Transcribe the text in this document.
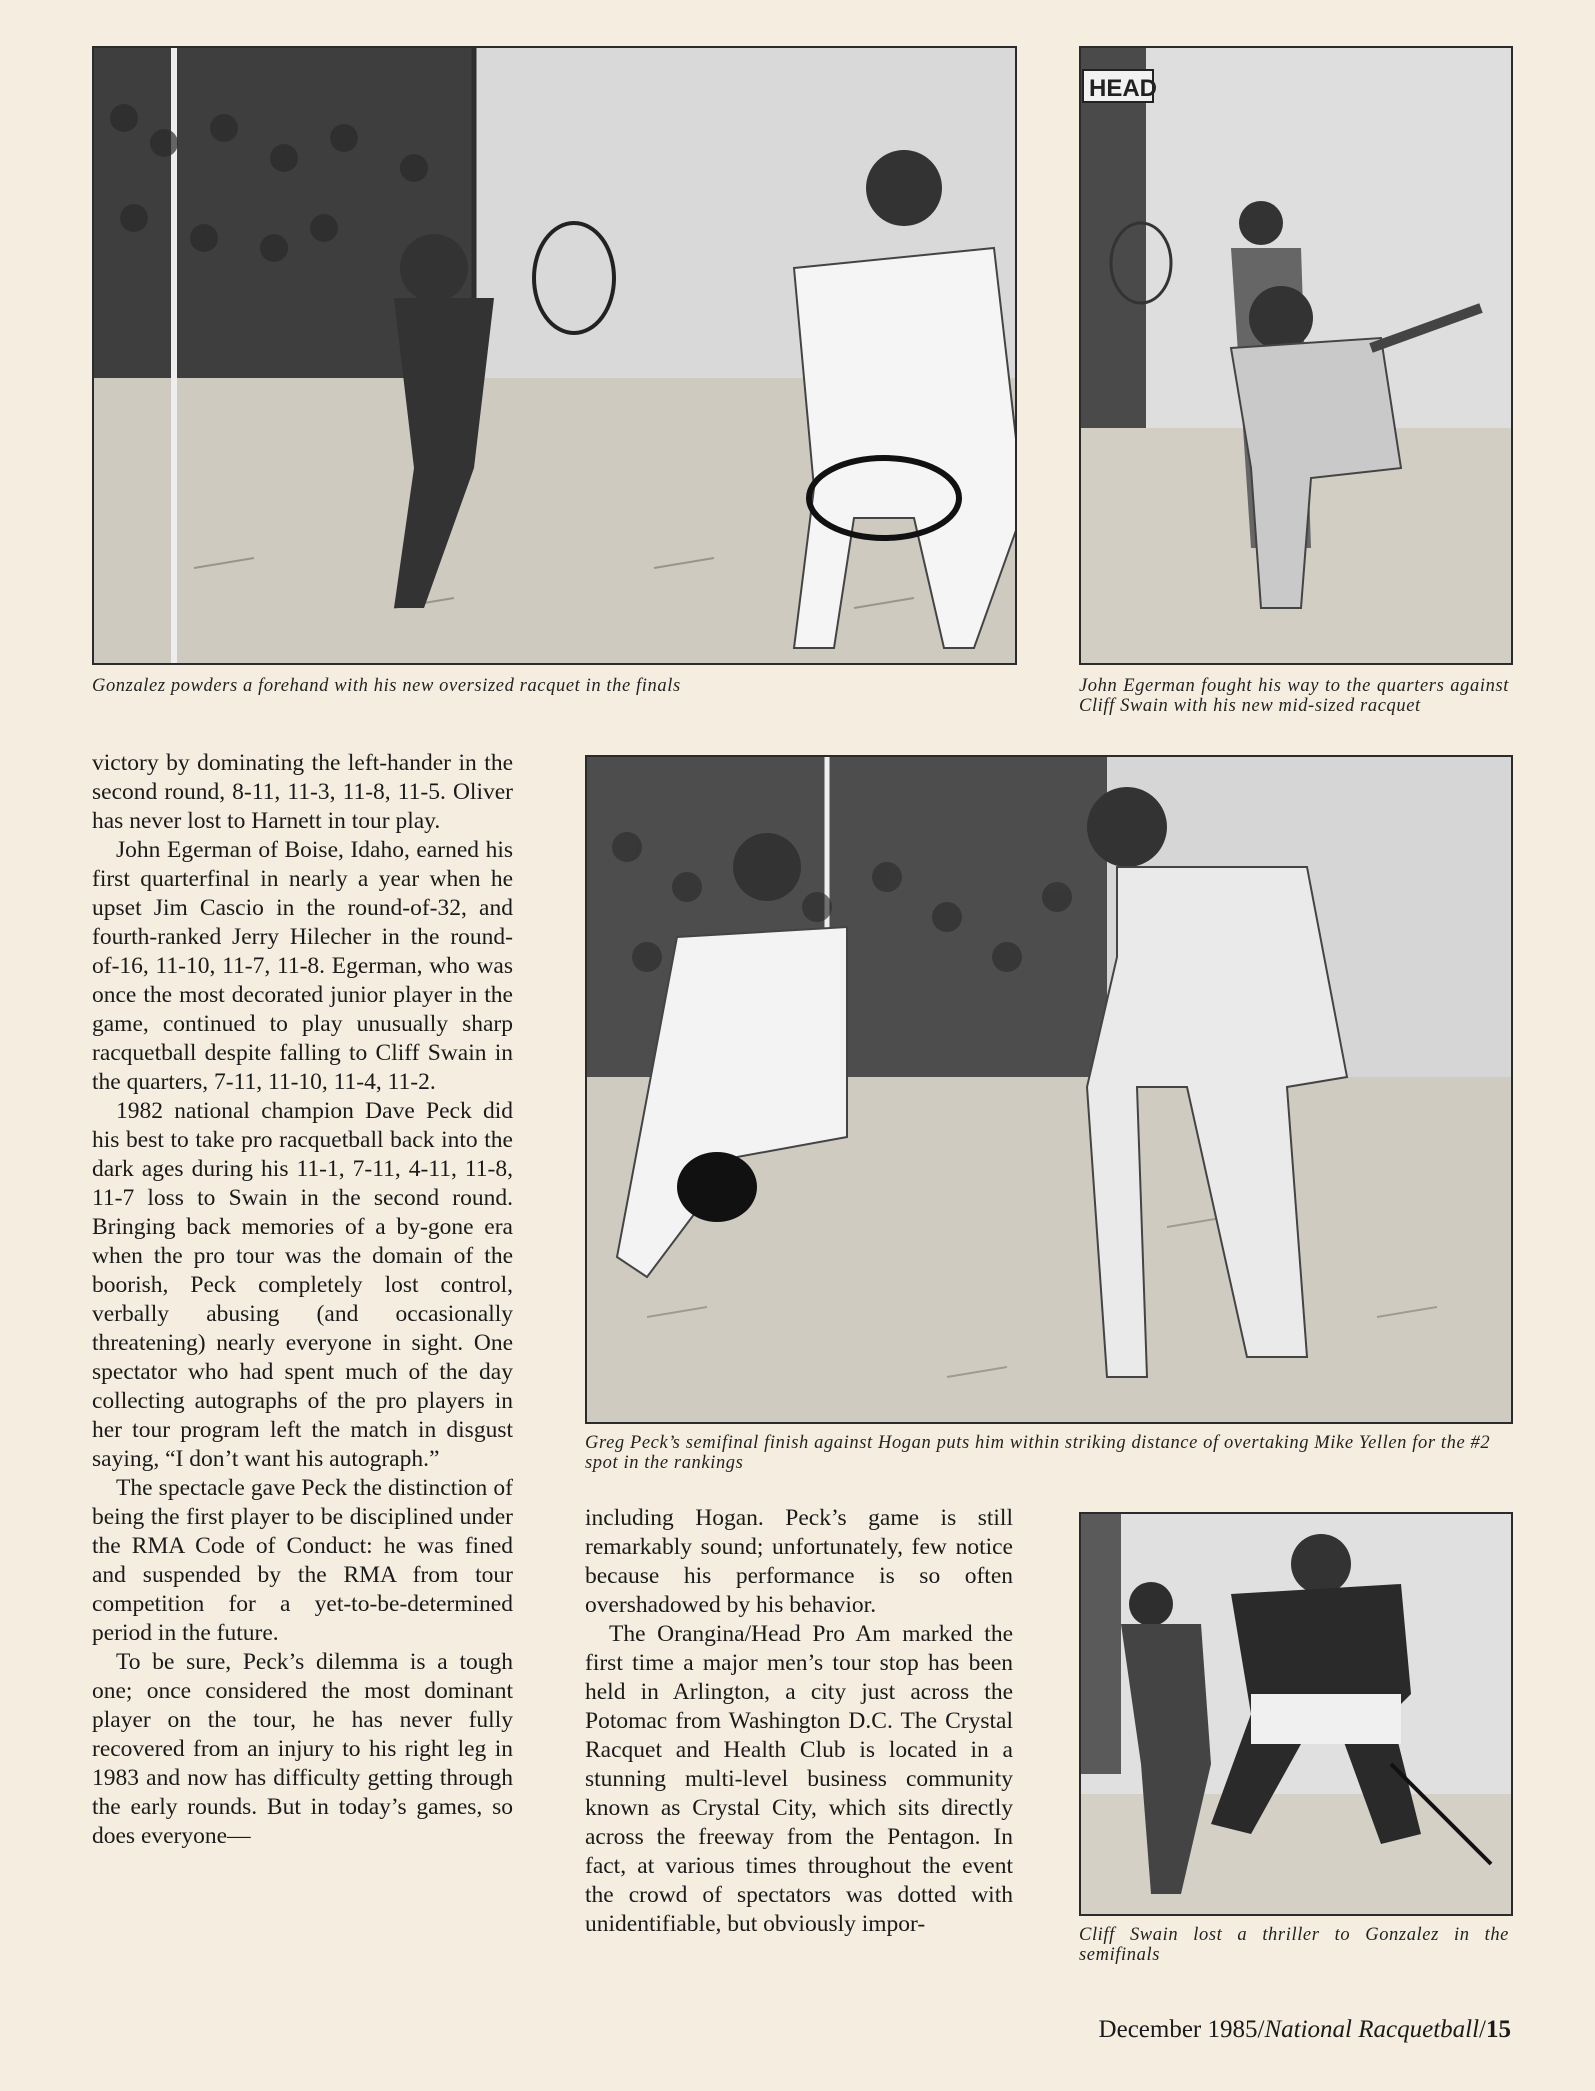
HEAD

Gonzalez powders a forehand with his new oversized racquet in the finals	John Egerman fought his way to the quarters against Cliff Swain with his new mid-sized racquet

Greg Peck’s semifinal finish against Hogan puts him within striking distance of overtaking Mike Yellen for the #2 spot in the rankings

Cliff Swain lost a thriller to Gonzalez in the semifinals

victory by dominating the left-hander in the second round, 8-11, 11-3, 11-8, 11-5. Oliver has never lost to Harnett in tour play.

John Egerman of Boise, Idaho, earned his first quarterfinal in nearly a year when he upset Jim Cascio in the round-of-32, and fourth-ranked Jerry Hilecher in the round-of-16, 11-10, 11-7, 11-8. Egerman, who was once the most decorated junior player in the game, continued to play unusually sharp racquetball despite falling to Cliff Swain in the quarters, 7-11, 11-10, 11-4, 11-2.

1982 national champion Dave Peck did his best to take pro racquetball back into the dark ages during his 11-1, 7-11, 4-11, 11-8, 11-7 loss to Swain in the second round. Bringing back memories of a by-gone era when the pro tour was the domain of the boorish, Peck completely lost control, verbally abusing (and occasionally threatening) nearly everyone in sight. One spectator who had spent much of the day collecting autographs of the pro players in her tour program left the match in disgust saying, “I don’t want his autograph.”

The spectacle gave Peck the distinction of being the first player to be disciplined under the RMA Code of Conduct: he was fined and suspended by the RMA from tour competition for a yet-to-be-determined period in the future.

To be sure, Peck’s dilemma is a tough one; once considered the most dominant player on the tour, he has never fully recovered from an injury to his right leg in 1983 and now has difficulty getting through the early rounds. But in today’s games, so does everyone—

including Hogan. Peck’s game is still remarkably sound; unfortunately, few notice because his performance is so often overshadowed by his behavior.

The Orangina/Head Pro Am marked the first time a major men’s tour stop has been held in Arlington, a city just across the Potomac from Washington D.C. The Crystal Racquet and Health Club is located in a stunning multi-level business community known as Crystal City, which sits directly across the freeway from the Pentagon. In fact, at various times throughout the event the crowd of spectators was dotted with unidentifiable, but obviously impor-

December 1985/National Racquetball/15
